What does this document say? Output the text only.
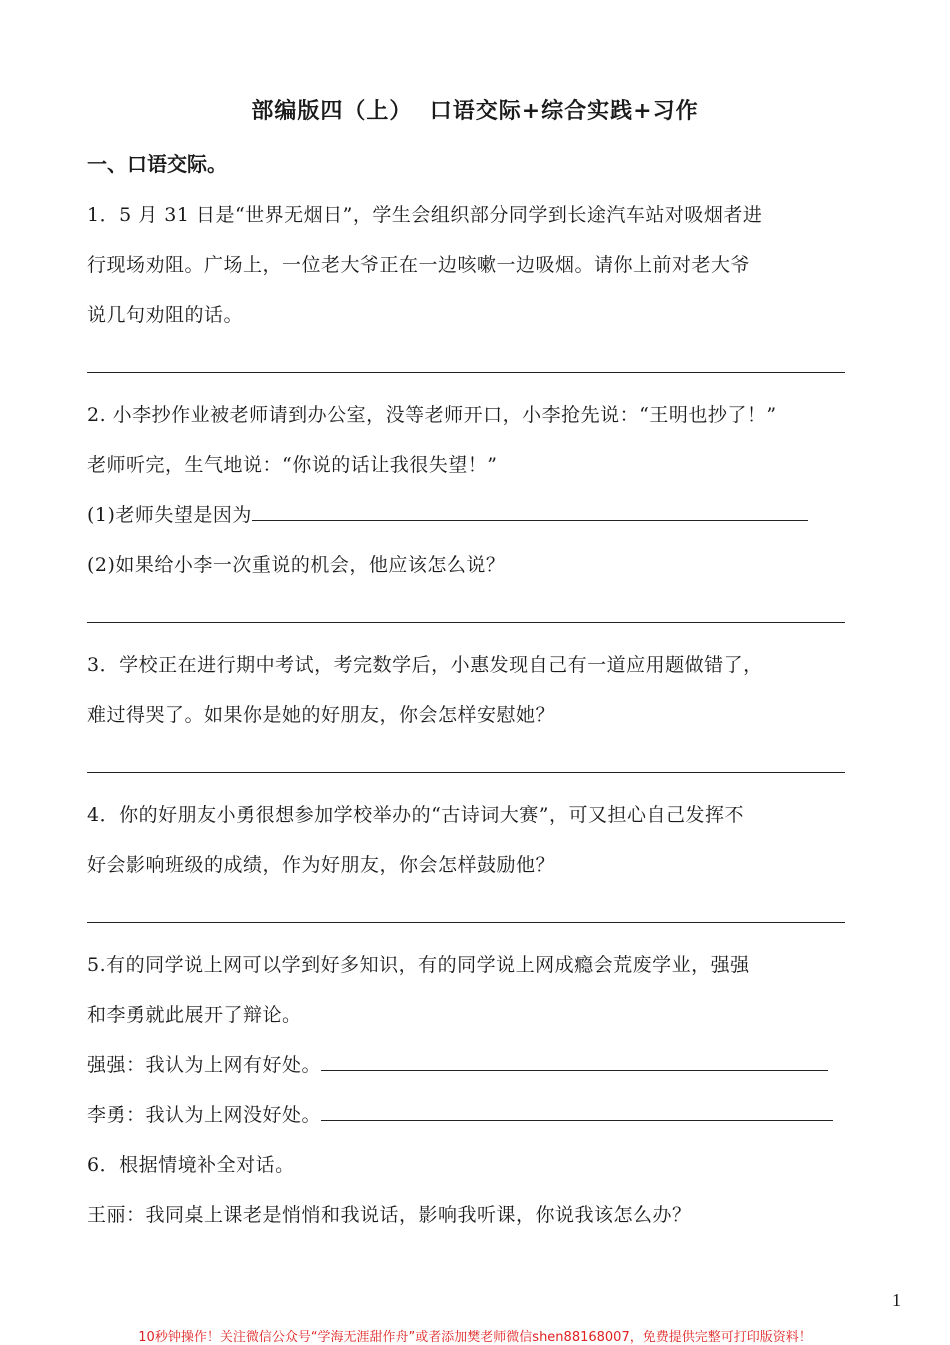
部编版四（上）  口语交际+综合实践+习作
一、口语交际。
1．5 月 31 日是“世界无烟日”，学生会组织部分同学到长途汽车站对吸烟者进
行现场劝阻。广场上，一位老大爷正在一边咳嗽一边吸烟。请你上前对老大爷
说几句劝阻的话。
2. 小李抄作业被老师请到办公室，没等老师开口，小李抢先说：“王明也抄了！”
老师听完，生气地说：“你说的话让我很失望！”
(1)老师失望是因为
(2)如果给小李一次重说的机会，他应该怎么说？
3．学校正在进行期中考试，考完数学后，小惠发现自己有一道应用题做错了，
难过得哭了。如果你是她的好朋友，你会怎样安慰她？
4．你的好朋友小勇很想参加学校举办的“古诗词大赛”，可又担心自己发挥不
好会影响班级的成绩，作为好朋友，你会怎样鼓励他？
5.有的同学说上网可以学到好多知识，有的同学说上网成瘾会荒废学业，强强
和李勇就此展开了辩论。
强强：我认为上网有好处。
李勇：我认为上网没好处。
6．根据情境补全对话。
王丽：我同桌上课老是悄悄和我说话，影响我听课，你说我该怎么办？
1
10秒钟操作！关注微信公众号“学海无涯甜作舟”或者添加樊老师微信shen88168007，免费提供完整可打印版资料！
